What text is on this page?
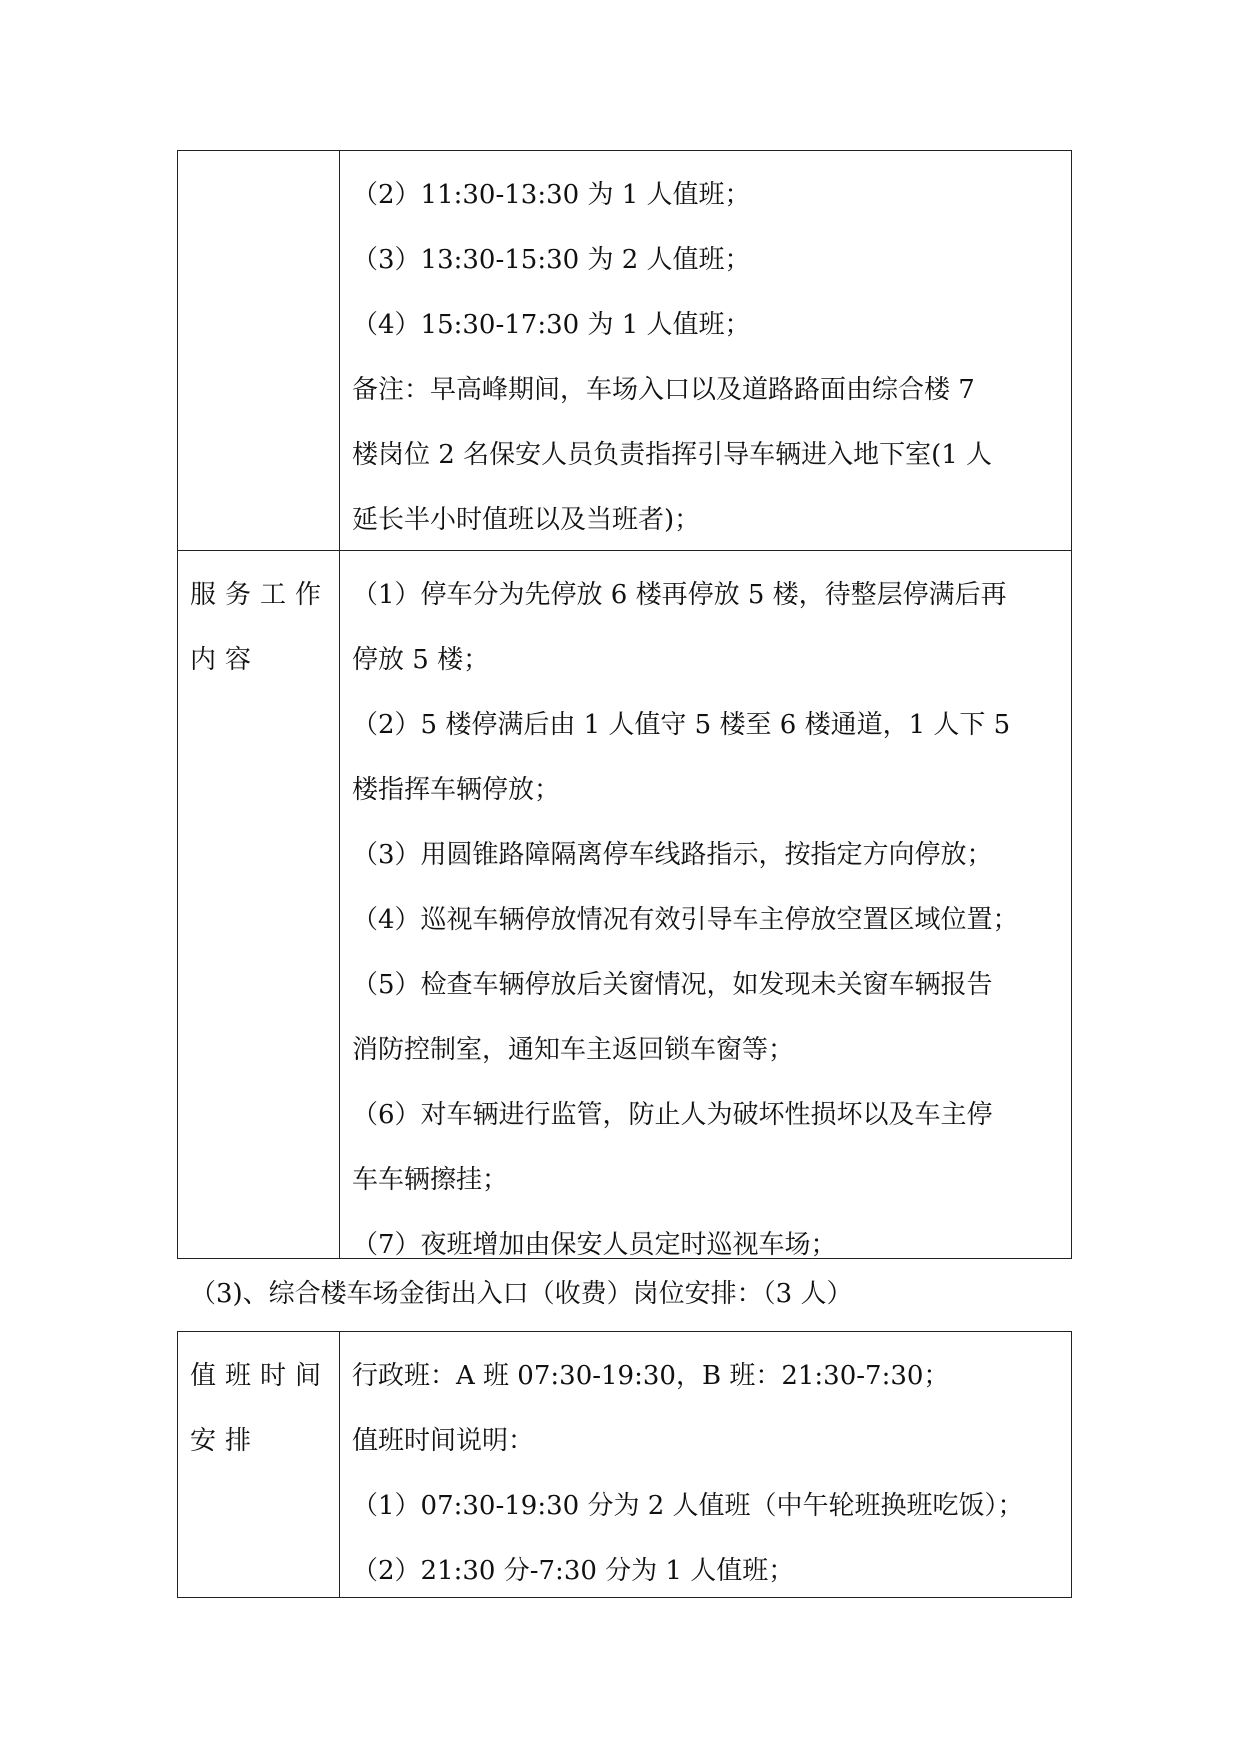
（2）11:30-13:30 为 1 人值班；
（3）13:30-15:30 为 2 人值班；
（4）15:30-17:30 为 1 人值班；
备注：早高峰期间，车场入口以及道路路面由综合楼 7
楼岗位 2 名保安人员负责指挥引导车辆进入地下室(1 人
延长半小时值班以及当班者)；
服务工作
内容
（1）停车分为先停放 6 楼再停放 5 楼，待整层停满后再
停放 5 楼；
（2）5 楼停满后由 1 人值守 5 楼至 6 楼通道，1 人下 5
楼指挥车辆停放；
（3）用圆锥路障隔离停车线路指示，按指定方向停放；
（4）巡视车辆停放情况有效引导车主停放空置区域位置；
（5）检查车辆停放后关窗情况，如发现未关窗车辆报告
消防控制室，通知车主返回锁车窗等；
（6）对车辆进行监管，防止人为破坏性损坏以及车主停
车车辆擦挂；
（7）夜班增加由保安人员定时巡视车场；
（3)、综合楼车场金街出入口（收费）岗位安排：（3 人）
值班时间
安排
行政班：A 班 07:30-19:30，B 班：21:30-7:30；
值班时间说明：
（1）07:30-19:30 分为 2 人值班（中午轮班换班吃饭）；
（2）21:30 分-7:30 分为 1 人值班；
